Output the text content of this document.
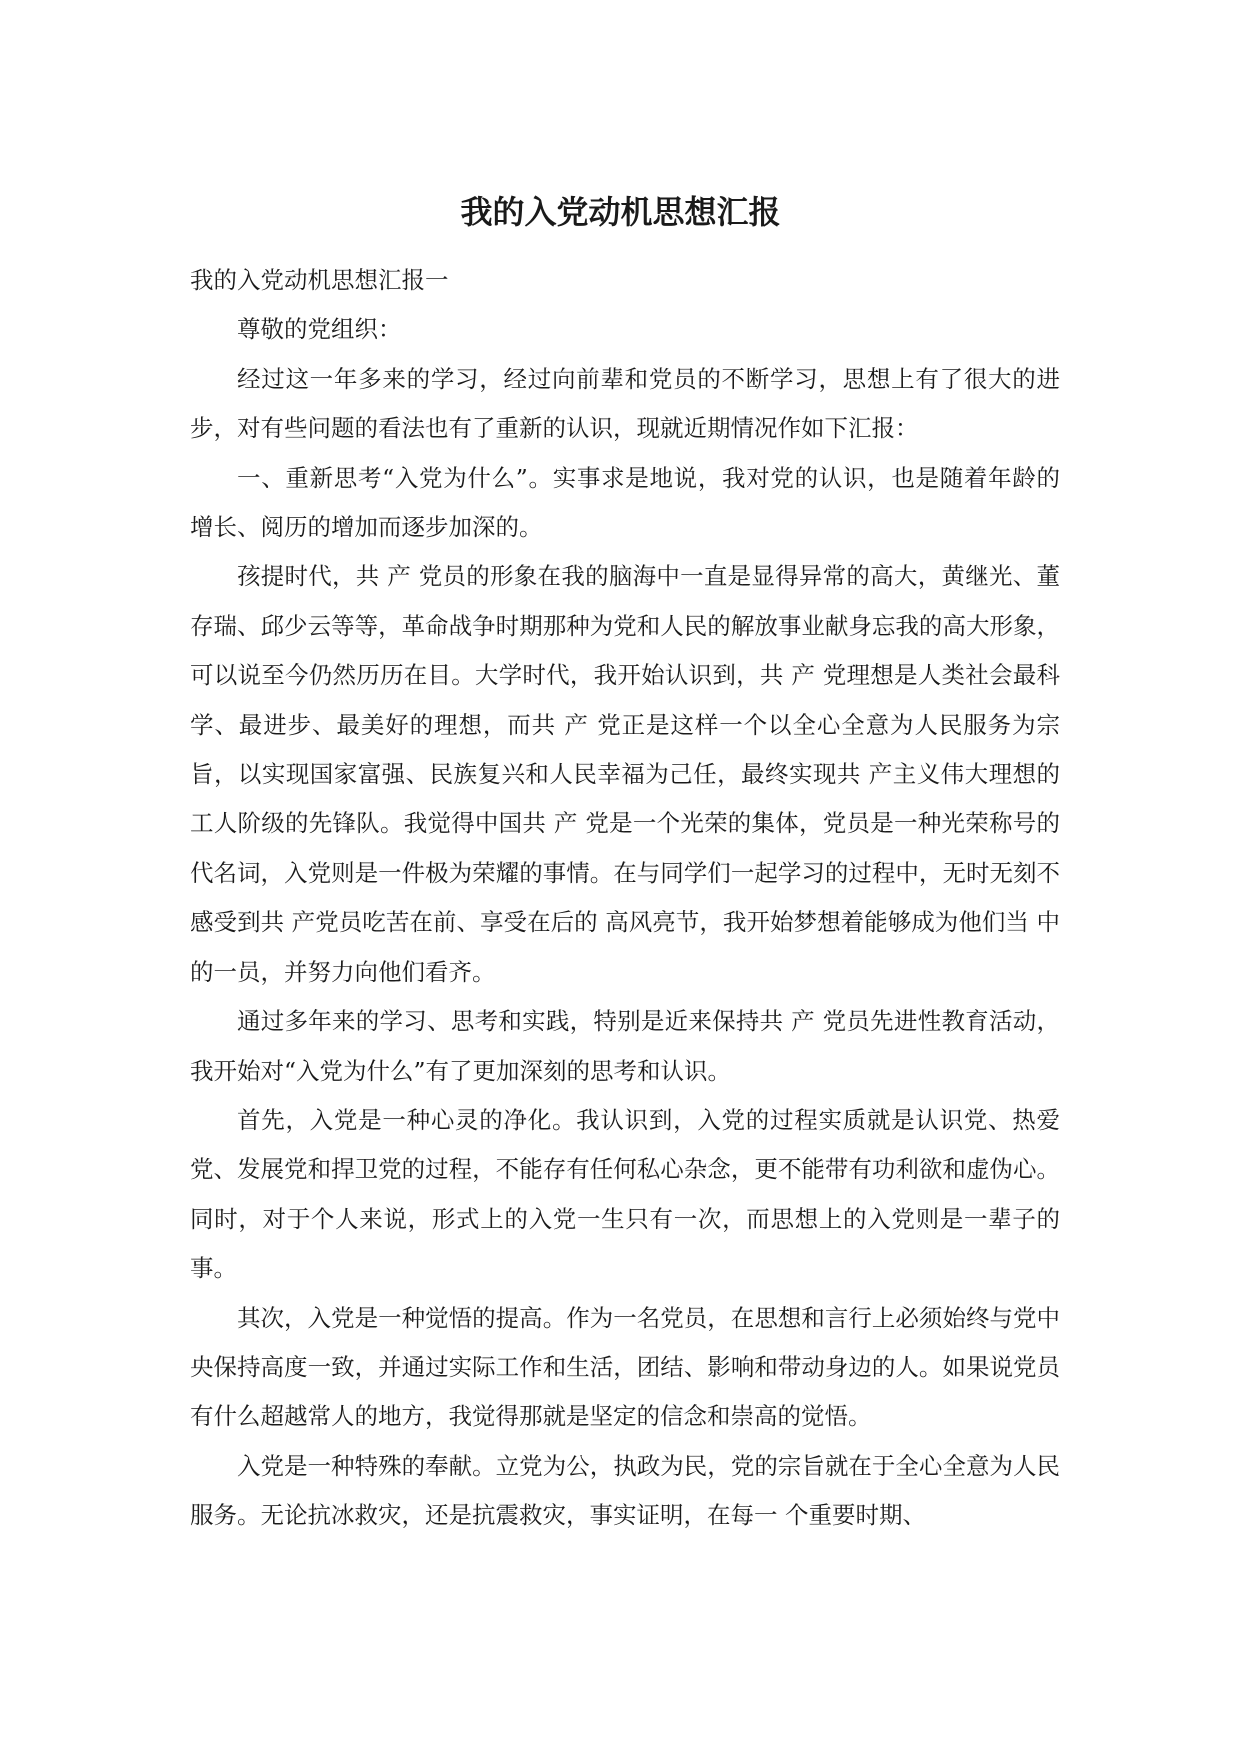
我的入党动机思想汇报

我的入党动机思想汇报一

尊敬的党组织：

经过这一年多来的学习，经过向前辈和党员的不断学习，思想上有了很大的进步，对有些问题的看法也有了重新的认识，现就近期情况作如下汇报：

一、重新思考“入党为什么”。实事求是地说，我对党的认识，也是随着年龄的增长、阅历的增加而逐步加深的。

孩提时代，共 产 党员的形象在我的脑海中一直是显得异常的高大，黄继光、董存瑞、邱少云等等，革命战争时期那种为党和人民的解放事业献身忘我的高大形象，可以说至今仍然历历在目。大学时代，我开始认识到，共 产 党理想是人类社会最科学、最进步、最美好的理想，而共 产 党正是这样一个以全心全意为人民服务为宗 旨，以实现国家富强、民族复兴和人民幸福为己任，最终实现共 产主义伟大理想的工人阶级的先锋队。我觉得中国共 产 党是一个光荣的集体，党员是一种光荣称号的代名词，入党则是一件极为荣耀的事情。在与同学们一起学习的过程中，无时无刻不感受到共 产党员吃苦在前、享受在后的 高风亮节，我开始梦想着能够成为他们当 中的一员，并努力向他们看齐。

通过多年来的学习、思考和实践，特别是近来保持共 产 党员先进性教育活动，我开始对“入党为什么”有了更加深刻的思考和认识。

首先，入党是一种心灵的净化。我认识到，入党的过程实质就是认识党、热爱党、发展党和捍卫党的过程，不能存有任何私心杂念，更不能带有功利欲和虚伪心。同时，对于个人来说，形式上的入党一生只有一次，而思想上的入党则是一辈子的事。

其次，入党是一种觉悟的提高。作为一名党员，在思想和言行上必须始终与党中央保持高度一致，并通过实际工作和生活，团结、影响和带动身边的人。如果说党员有什么超越常人的地方，我觉得那就是坚定的信念和崇高的觉悟。

入党是一种特殊的奉献。立党为公，执政为民，党的宗旨就在于全心全意为人民服务。无论抗冰救灾，还是抗震救灾，事实证明，在每一 个重要时期、
